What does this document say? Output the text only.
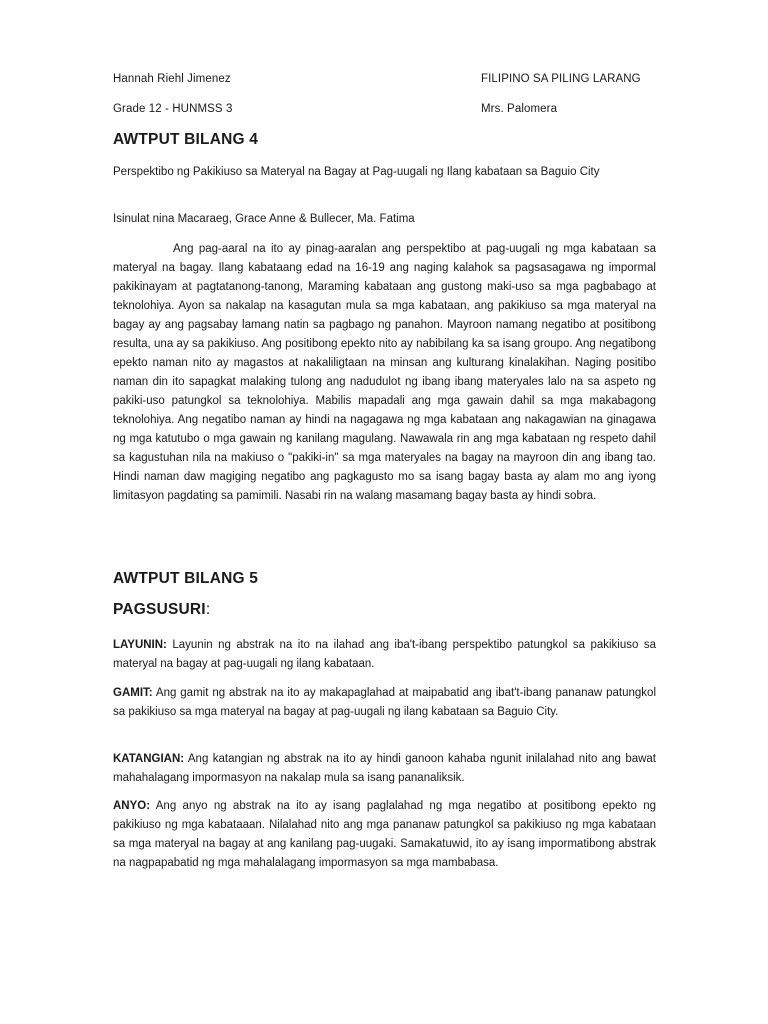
Hannah Riehl Jimenez	FILIPINO SA PILING LARANG
Grade 12 - HUNMSS 3	Mrs. Palomera
AWTPUT BILANG 4
Perspektibo ng Pakikiuso sa Materyal na Bagay at Pag-uugali ng Ilang kabataan sa Baguio City
Isinulat nina Macaraeg, Grace Anne & Bullecer, Ma. Fatima
Ang pag-aaral na ito ay pinag-aaralan ang perspektibo at pag-uugali ng mga kabataan sa materyal na bagay. Ilang kabataang edad na 16-19 ang naging kalahok sa pagsasagawa ng impormal pakikinayam at pagtatanong-tanong, Maraming kabataan ang gustong maki-uso sa mga pagbabago at teknolohiya. Ayon sa nakalap na kasagutan mula sa mga kabataan, ang pakikiuso sa mga materyal na bagay ay ang pagsabay lamang natin sa pagbago ng panahon. Mayroon namang negatibo at positibong resulta, una ay sa pakikiuso. Ang positibong epekto nito ay nabibilang ka sa isang groupo. Ang negatibong epekto naman nito ay magastos at nakaliligtaan na minsan ang kulturang kinalakihan. Naging positibo naman din ito sapagkat malaking tulong ang nadudulot ng ibang ibang materyales lalo na sa aspeto ng pakiki-uso patungkol sa teknolohiya. Mabilis mapadali ang mga gawain dahil sa mga makabagong teknolohiya. Ang negatibo naman ay hindi na nagagawa ng mga kabataan ang nakagawian na ginagawa ng mga katutubo o mga gawain ng kanilang magulang. Nawawala rin ang mga kabataan ng respeto dahil sa kagustuhan nila na makiuso o "pakiki-in" sa mga materyales na bagay na mayroon din ang ibang tao. Hindi naman daw magiging negatibo ang pagkagusto mo sa isang bagay basta ay alam mo ang iyong limitasyon pagdating sa pamimili. Nasabi rin na walang masamang bagay basta ay hindi sobra.
AWTPUT BILANG 5
PAGSUSURI:
LAYUNIN: Layunin ng abstrak na ito na ilahad ang iba't-ibang perspektibo patungkol sa pakikiuso sa materyal na bagay at pag-uugali ng ilang kabataan.
GAMIT: Ang gamit ng abstrak na ito ay makapaglahad at maipabatid ang ibat't-ibang pananaw patungkol sa pakikiuso sa mga materyal na bagay at pag-uugali ng ilang kabataan sa Baguio City.
KATANGIAN: Ang katangian ng abstrak na ito ay hindi ganoon kahaba ngunit inilalahad nito ang bawat mahahalagang impormasyon na nakalap mula sa isang pananaliksik.
ANYO: Ang anyo ng abstrak na ito ay isang paglalahad ng mga negatibo at positibong epekto ng pakikiuso ng mga kabataaan. Nilalahad nito ang mga pananaw patungkol sa pakikiuso ng mga kabataan sa mga materyal na bagay at ang kanilang pag-uugaki. Samakatuwid, ito ay isang impormatibong abstrak na nagpapabatid ng mga mahalalagang impormasyon sa mga mambabasa.
